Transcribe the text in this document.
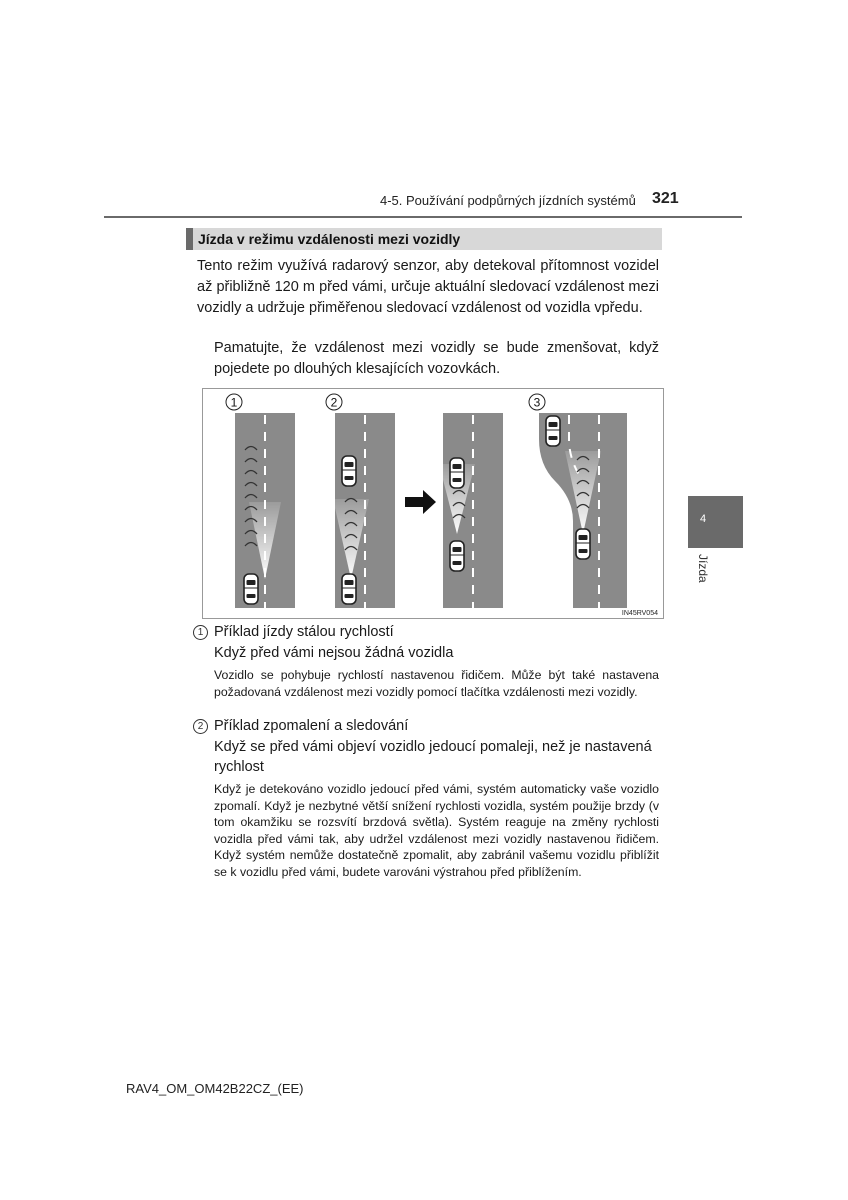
4-5. Používání podpůrných jízdních systémů 321
Jízda v režimu vzdálenosti mezi vozidly

Tento režim využívá radarový senzor, aby detekoval přítomnost vozidel až přibližně 120 m před vámi, určuje aktuální sledovací vzdálenost mezi vozidly a udržuje přiměřenou sledovací vzdálenost od vozidla vpředu.

Pamatujte, že vzdálenost mezi vozidly se bude zmenšovat, když pojedete po dlouhých klesajících vozovkách.

1	2	3
IN45RV054
1 Příklad jízdy stálou rychlostí
Když před vámi nejsou žádná vozidla

Vozidlo se pohybuje rychlostí nastavenou řidičem. Může být také nastavena požadovaná vzdálenost mezi vozidly pomocí tlačítka vzdálenosti mezi vozidly.

2 Příklad zpomalení a sledování
Když se před vámi objeví vozidlo jedoucí pomaleji, než je nastavená rychlost

Když je detekováno vozidlo jedoucí před vámi, systém automaticky vaše vozidlo zpomalí. Když je nezbytné větší snížení rychlosti vozidla, systém použije brzdy (v tom okamžiku se rozsvítí brzdová světla). Systém reaguje na změny rychlosti vozidla před vámi tak, aby udržel vzdálenost mezi vozidly nastavenou řidičem. Když systém nemůže dostatečně zpomalit, aby zabránil vašemu vozidlu přiblížit se k vozidlu před vámi, budete varováni výstrahou před přiblížením.

4
Jízda
RAV4_OM_OM42B22CZ_(EE)
